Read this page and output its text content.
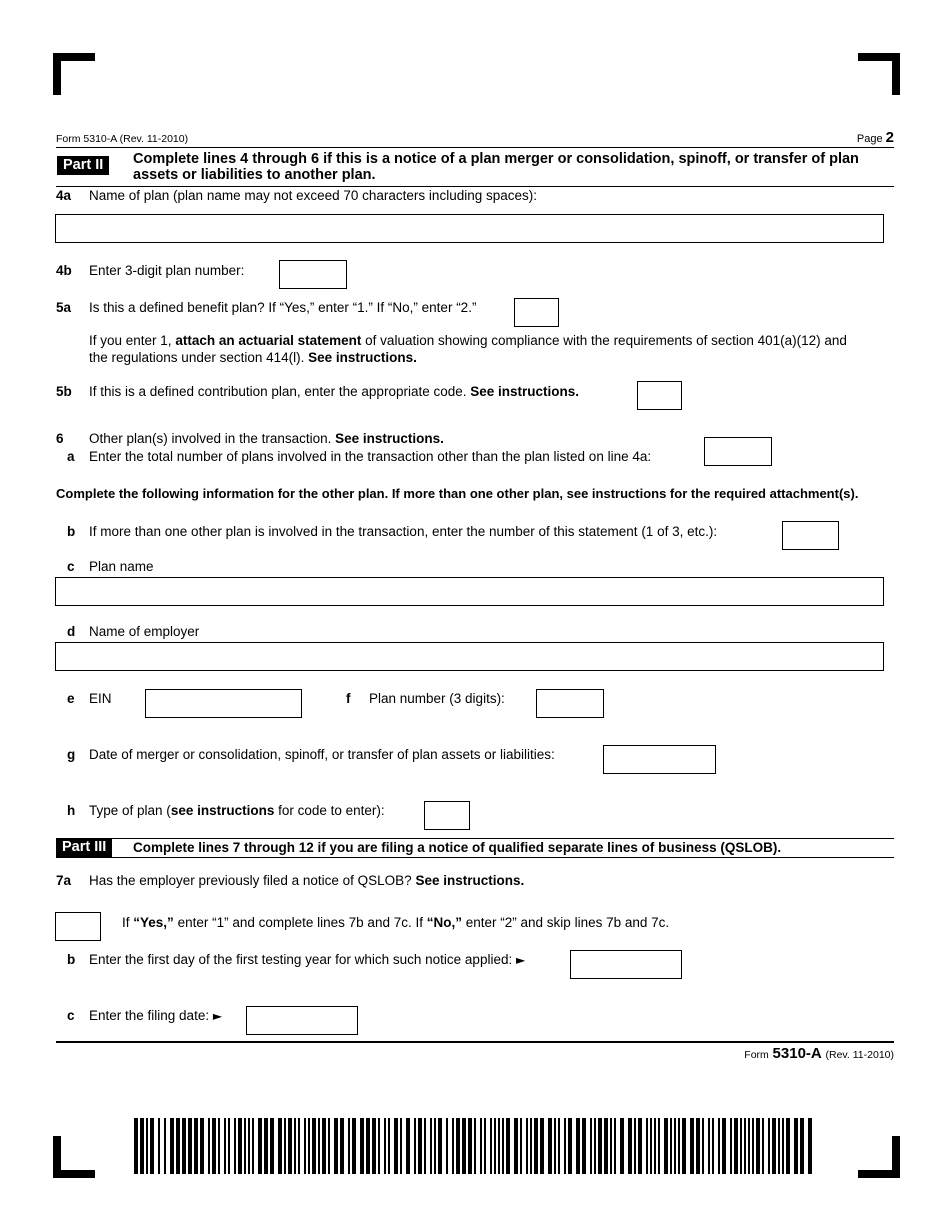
Form 5310-A (Rev. 11-2010)	Page 2
Part II	Complete lines 4 through 6 if this is a notice of a plan merger or consolidation, spinoff, or transfer of plan assets or liabilities to another plan.
4a Name of plan (plan name may not exceed 70 characters including spaces):
4b Enter 3-digit plan number:
5a Is this a defined benefit plan? If “Yes,” enter “1.” If “No,” enter “2.”
If you enter 1, attach an actuarial statement of valuation showing compliance with the requirements of section 401(a)(12) and
the regulations under section 414(l). See instructions.
5b If this is a defined contribution plan, enter the appropriate code. See instructions.
6 Other plan(s) involved in the transaction. See instructions.
a Enter the total number of plans involved in the transaction other than the plan listed on line 4a:
Complete the following information for the other plan. If more than one other plan, see instructions for the required attachment(s).
b If more than one other plan is involved in the transaction, enter the number of this statement (1 of 3, etc.):
c Plan name
d Name of employer
e EIN	f Plan number (3 digits):
g Date of merger or consolidation, spinoff, or transfer of plan assets or liabilities:
h Type of plan (see instructions for code to enter):
Part III	Complete lines 7 through 12 if you are filing a notice of qualified separate lines of business (QSLOB).
7a Has the employer previously filed a notice of QSLOB? See instructions.
If “Yes,” enter “1” and complete lines 7b and 7c. If “No,” enter “2” and skip lines 7b and 7c.
b Enter the first day of the first testing year for which such notice applied: ►
c Enter the filing date: ►
Form 5310-A (Rev. 11-2010)
